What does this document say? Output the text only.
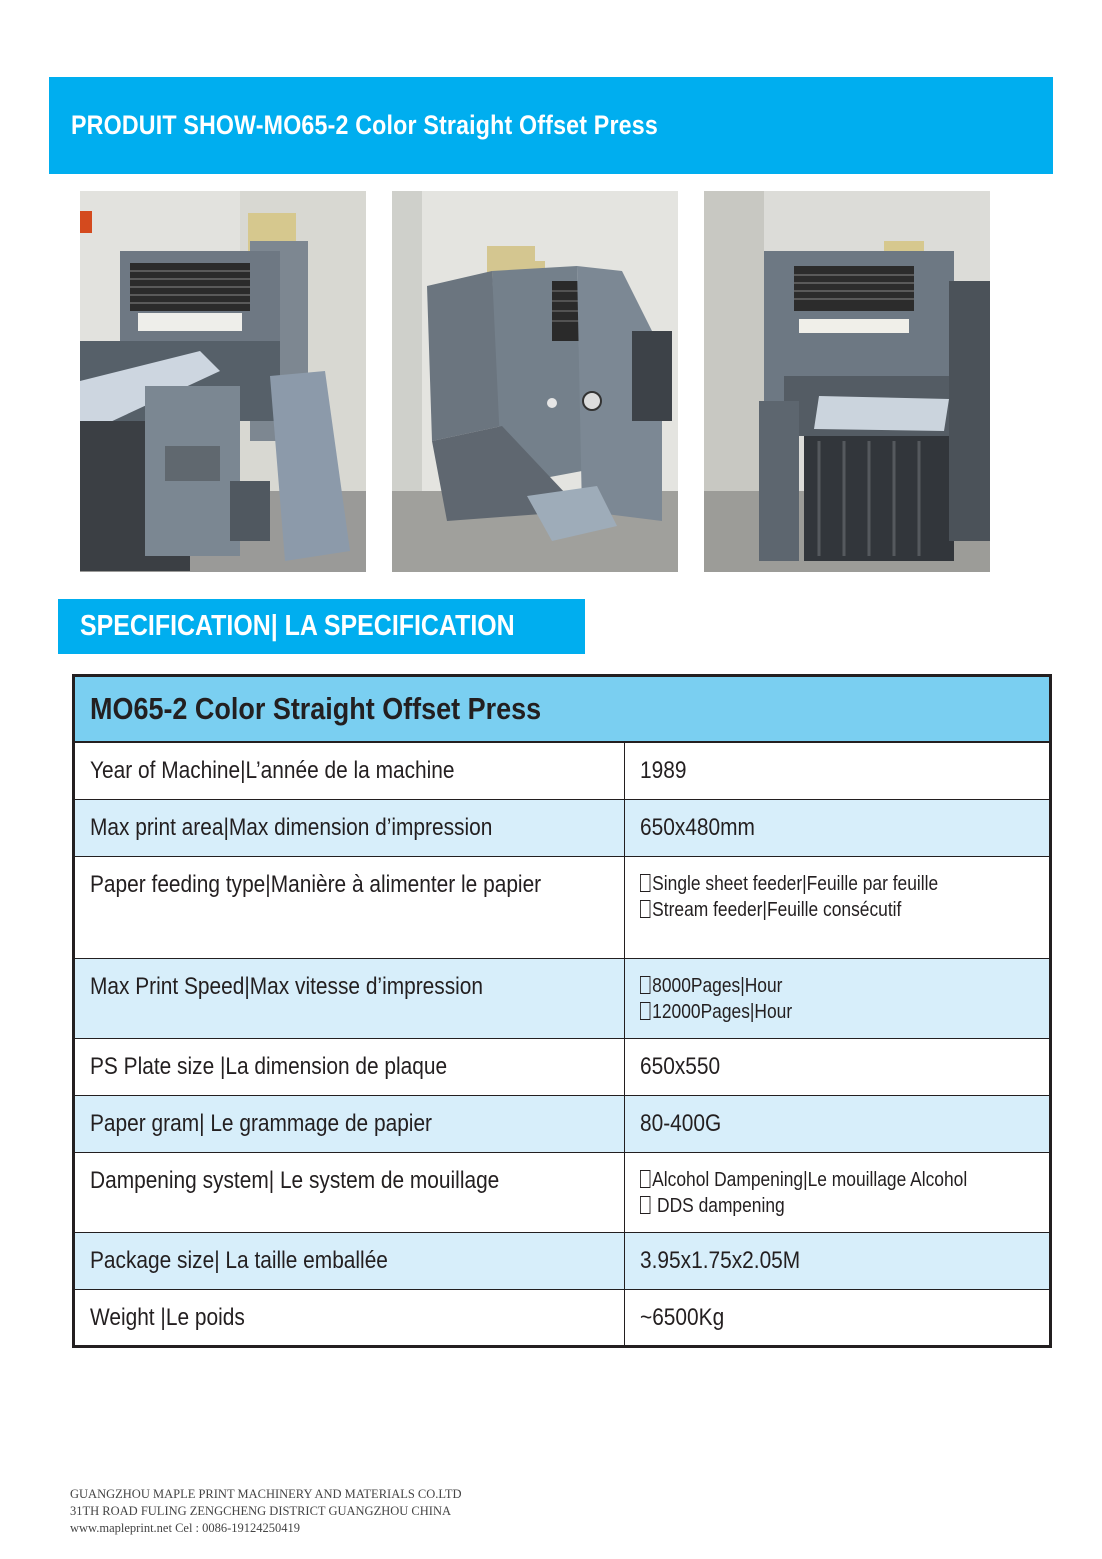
PRODUIT SHOW-MO65-2 Color Straight Offset Press
SPECIFICATION| LA SPECIFICATION
MO65-2 Color Straight Offset Press	
Year of Machine|L’année de la machine	1989
Max print area|Max dimension d’impression	650x480mm
Paper feeding type|Manière à alimenter le papier	Single sheet feeder|Feuille par feuille
Stream feeder|Feuille consécutif

Max Print Speed|Max vitesse d’impression	8000Pages|Hour
12000Pages|Hour

PS Plate size |La dimension de plaque	650x550
Paper gram| Le grammage de papier	80-400G
Dampening system| Le system de mouillage	Alcohol Dampening|Le mouillage Alcohol
DDS dampening

Package size| La taille emballée	3.95x1.75x2.05M
Weight |Le poids	~6500Kg
GUANGZHOU MAPLE PRINT MACHINERY AND MATERIALS CO.LTD
31TH ROAD FULING ZENGCHENG DISTRICT GUANGZHOU CHINA
www.mapleprint.net Cel : 0086-19124250419
